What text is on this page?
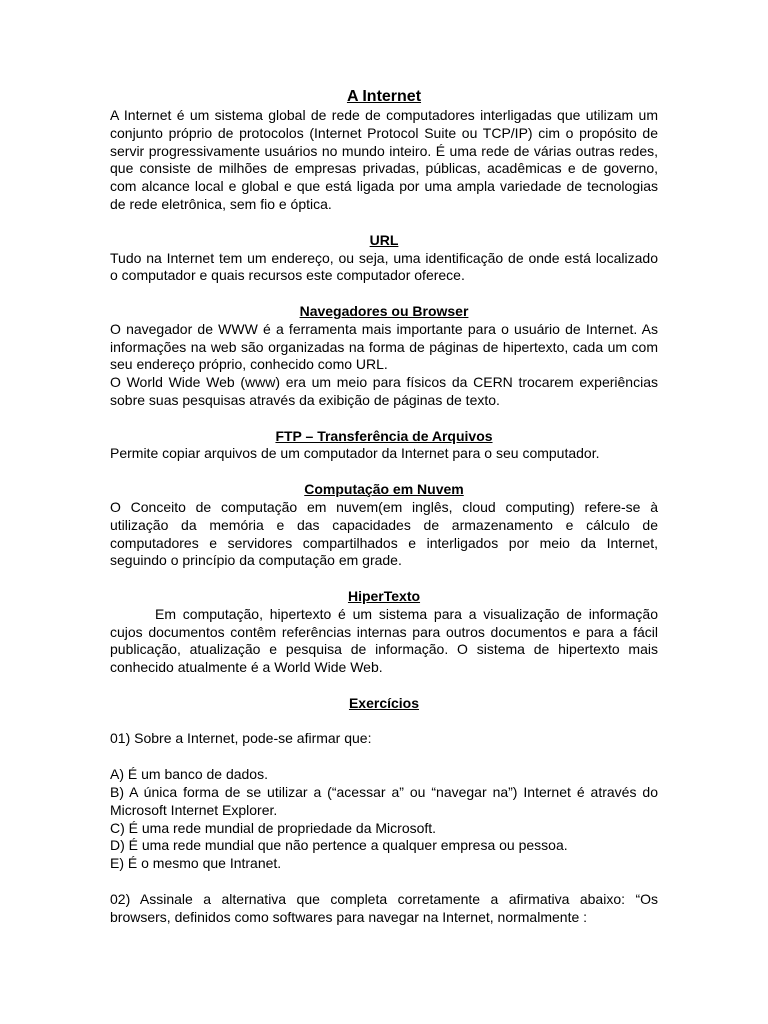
A Internet
A Internet é um sistema global de rede de computadores interligadas que utilizam um
conjunto próprio de protocolos (Internet Protocol Suite ou TCP/IP) cim o propósito de
servir progressivamente usuários no mundo inteiro. É uma rede de várias outras redes,
que consiste de milhões de empresas privadas, públicas, acadêmicas e de governo,
com alcance local e global e que está ligada por uma ampla variedade de tecnologias
de rede eletrônica, sem fio e óptica.
URL
Tudo na Internet tem um endereço, ou seja, uma identificação de onde está localizado
o computador e quais recursos este computador oferece.
Navegadores ou Browser
O navegador de WWW é a ferramenta mais importante para o usuário de Internet. As
informações na web são organizadas na forma de páginas de hipertexto, cada um com
seu endereço próprio, conhecido como URL.
O World Wide Web (www) era um meio para físicos da CERN trocarem experiências
sobre suas pesquisas através da exibição de páginas de texto.
FTP – Transferência de Arquivos
Permite copiar arquivos de um computador da Internet para o seu computador.
Computação em Nuvem
O Conceito de computação em nuvem(em inglês, cloud computing) refere-se à
utilização da memória e das capacidades de armazenamento e cálculo de
computadores e servidores compartilhados e interligados por meio da Internet,
seguindo o princípio da computação em grade.
HiperTexto
Em computação, hipertexto é um sistema para a visualização de informação
cujos documentos contêm referências internas para outros documentos e para a fácil
publicação, atualização e pesquisa de informação. O sistema de hipertexto mais
conhecido atualmente é a World Wide Web.
Exercícios
01) Sobre a Internet, pode-se afirmar que:
A) É um banco de dados.
B) A única forma de se utilizar a (“acessar a” ou “navegar na”) Internet é através do
Microsoft Internet Explorer.
C) É uma rede mundial de propriedade da Microsoft.
D) É uma rede mundial que não pertence a qualquer empresa ou pessoa.
E) É o mesmo que Intranet.
02) Assinale a alternativa que completa corretamente a afirmativa abaixo: “Os
browsers, definidos como softwares para navegar na Internet, normalmente :
